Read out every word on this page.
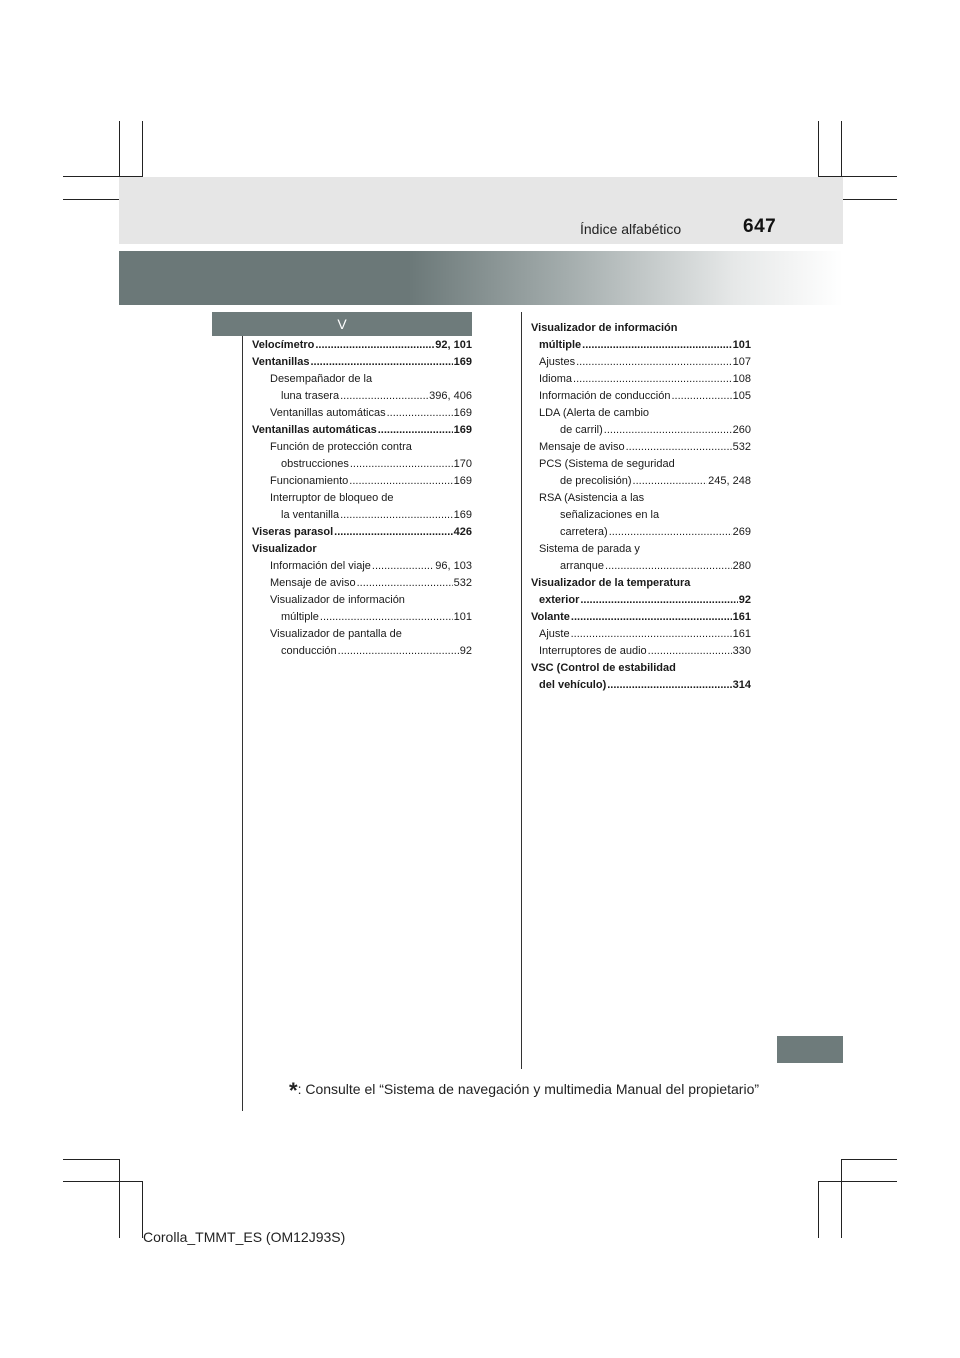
Índice alfabético	647
V
Velocímetro .....	92, 101
Ventanillas .....	169
Desempañador de la
luna trasera .....	396, 406
Ventanillas automáticas .....	169
Ventanillas automáticas .....	169
Función de protección contra
obstrucciones .....	170
Funcionamiento .....	169
Interruptor de bloqueo de
la ventanilla .....	169
Viseras parasol .....	426
Visualizador
Información del viaje .....	96, 103
Mensaje de aviso .....	532
Visualizador de información
múltiple .....	101
Visualizador de pantalla de
conducción .....	92
Visualizador de información
múltiple .....	101
Ajustes .....	107
Idioma .....	108
Información de conducción .....	105
LDA (Alerta de cambio
de carril) .....	260
Mensaje de aviso .....	532
PCS (Sistema de seguridad
de precolisión) .....	245, 248
RSA (Asistencia a las
señalizaciones en la
carretera) .....	269
Sistema de parada y
arranque .....	280
Visualizador de la temperatura
exterior .....	92
Volante .....	161
Ajuste .....	161
Interruptores de audio .....	330
VSC (Control de estabilidad
del vehículo) .....	314
*: Consulte el “Sistema de navegación y multimedia Manual del propietario”
Corolla_TMMT_ES (OM12J93S)
